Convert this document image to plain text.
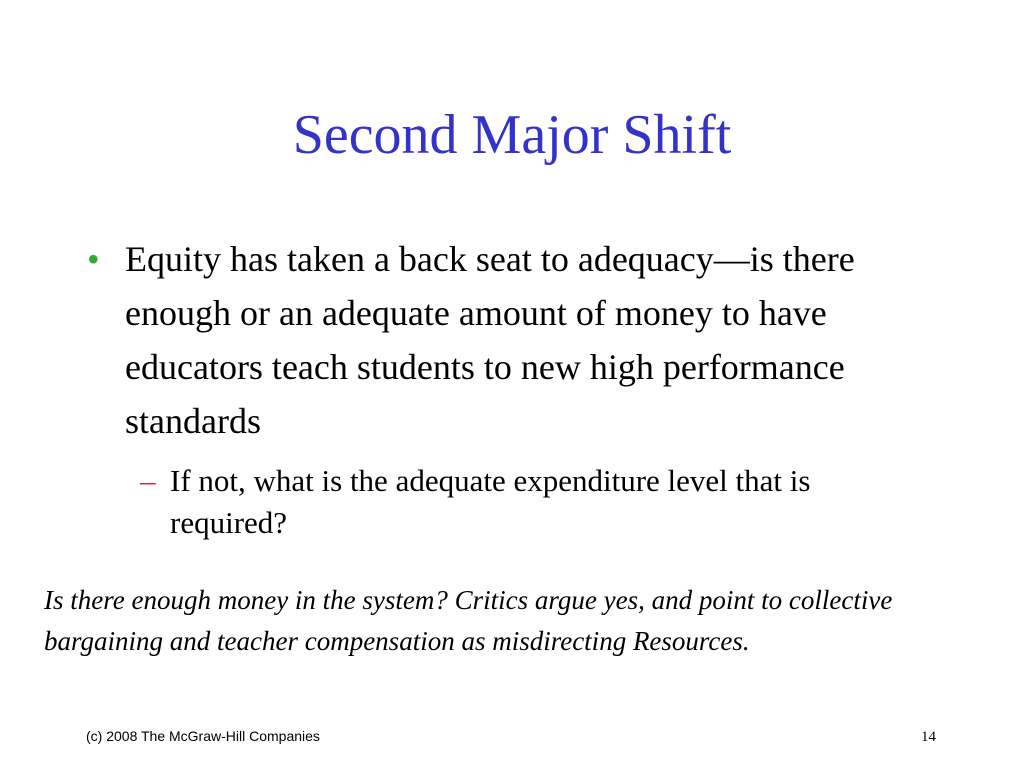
Second Major Shift
• Equity has taken a back seat to adequacy—is there enough or an adequate amount of money to have educators teach students to new high performance standards
– If not, what is the adequate expenditure level that is required?
Is there enough money in the system? Critics argue yes, and point to collective bargaining and teacher compensation as misdirecting Resources.
(c) 2008 The McGraw-Hill Companies	14
